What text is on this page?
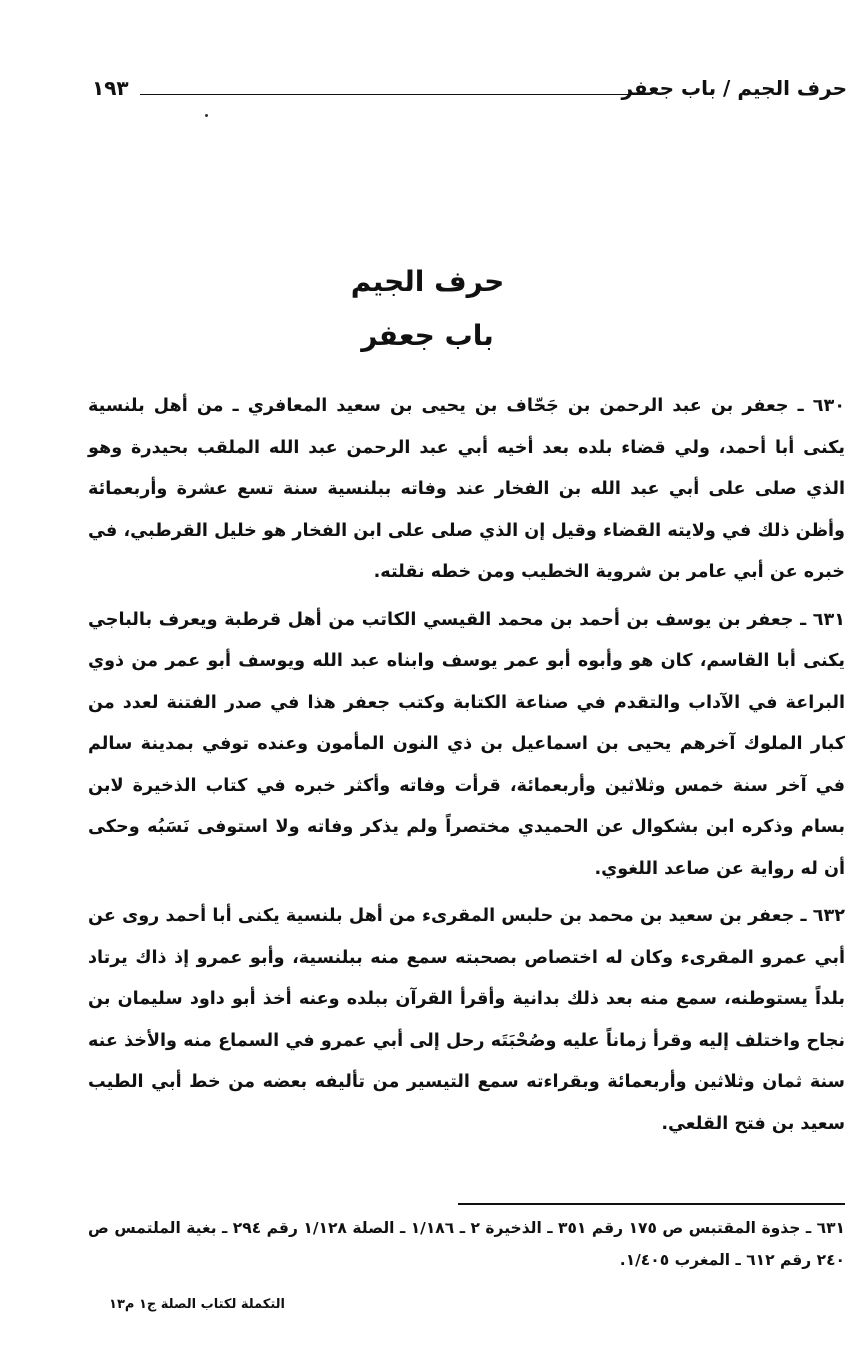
حرف الجيم / باب جعفر
١٩٣
حرف الجيم
باب جعفر

٦٣٠ ـ جعفر بن عبد الرحمن بن جَحّاف بن يحيى بن سعيد المعافري ـ من أهل بلنسية يكنى أبا أحمد، ولي قضاء بلده بعد أخيه أبي عبد الرحمن عبد الله الملقب بحيدرة وهو الذي صلى على أبي عبد الله بن الفخار عند وفاته ببلنسية سنة تسع عشرة وأربعمائة وأظن ذلك في ولايته القضاء وقيل إن الذي صلى على ابن الفخار هو خليل القرطبي، في خبره عن أبي عامر بن شروية الخطيب ومن خطه نقلته.

٦٣١ ـ جعفر بن يوسف بن أحمد بن محمد القيسي الكاتب من أهل قرطبة ويعرف بالباجي يكنى أبا القاسم، كان هو وأبوه أبو عمر يوسف وابناه عبد الله ويوسف أبو عمر من ذوي البراعة في الآداب والتقدم في صناعة الكتابة وكتب جعفر هذا في صدر الفتنة لعدد من كبار الملوك آخرهم يحيى بن اسماعيل بن ذي النون المأمون وعنده توفي بمدينة سالم في آخر سنة خمس وثلاثين وأربعمائة، قرأت وفاته وأكثر خبره في كتاب الذخيرة لابن بسام وذكره ابن بشكوال عن الحميدي مختصراً ولم يذكر وفاته ولا استوفى نَسَبُه وحكى أن له رواية عن صاعد اللغوي.

٦٣٢ ـ جعفر بن سعيد بن محمد بن حلبس المقرىء من أهل بلنسية يكنى أبا أحمد روى عن أبي عمرو المقرىء وكان له اختصاص بصحبته سمع منه ببلنسية، وأبو عمرو إذ ذاك يرتاد بلداً يستوطنه، سمع منه بعد ذلك بدانية وأقرأ القرآن ببلده وعنه أخذ أبو داود سليمان بن نجاح واختلف إليه وقرأ زماناً عليه وصُحْبَتَه رحل إلى أبي عمرو في السماع منه والأخذ عنه سنة ثمان وثلاثين وأربعمائة وبقراءته سمع التيسير من تأليفه بعضه من خط أبي الطيب سعيد بن فتح القلعي.

٦٣١ ـ جذوة المقتبس ص ١٧٥ رقم ٣٥١ ـ الذخيرة ٢ ـ ١/١٨٦ ـ الصلة ١/١٢٨ رقم ٢٩٤ ـ بغية الملتمس ص ٢٤٠ رقم ٦١٢ ـ المغرب ١/٤٠٥.
التكملة لكتاب الصلة ج١ م١٣
